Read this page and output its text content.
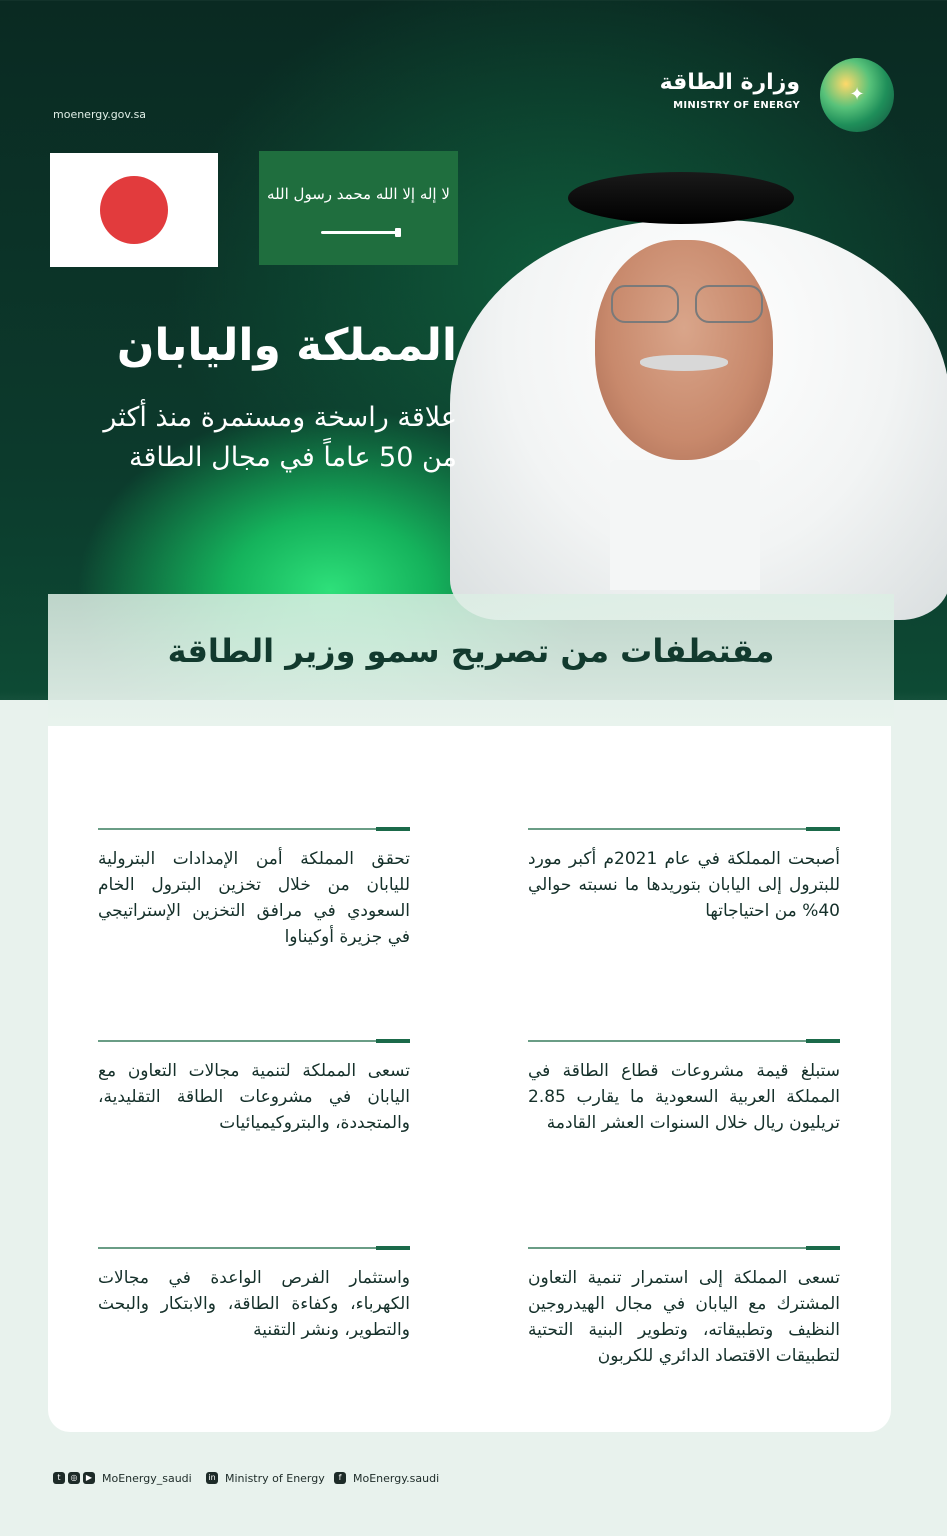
✦
وزارة الطاقة
MINISTRY OF ENERGY
moenergy.gov.sa
لا إله إلا الله محمد رسول الله
المملكة واليابان
علاقة راسخة ومستمرة منذ أكثر
من 50 عاماً في مجال الطاقة
مقتطفات من تصريح سمو وزير الطاقة

أصبحت المملكة في عام 2021م أكبر مورد للبترول إلى اليابان بتوريدها ما نسبته حوالي 40% من احتياجاتها

تحقق المملكة أمن الإمدادات البترولية لليابان من خلال تخزين البترول الخام السعودي في مرافق التخزين الإستراتيجي في جزيرة أوكيناوا

ستبلغ قيمة مشروعات قطاع الطاقة في المملكة العربية السعودية ما يقارب 2.85 تريليون ريال خلال السنوات العشر القادمة

تسعى المملكة لتنمية مجالات التعاون مع اليابان في مشروعات الطاقة التقليدية، والمتجددة، والبتروكيميائيات

تسعى المملكة إلى استمرار تنمية التعاون المشترك مع اليابان في مجال الهيدروجين النظيف وتطبيقاته، وتطوير البنية التحتية لتطبيقات الاقتصاد الدائري للكربون

واستثمار الفرص الواعدة في مجالات الكهرباء، وكفاءة الطاقة، والابتكار والبحث والتطوير، ونشر التقنية

t	◎	▶ MoEnergy_saudi in Ministry of Energy	f	MoEnergy.saudi
